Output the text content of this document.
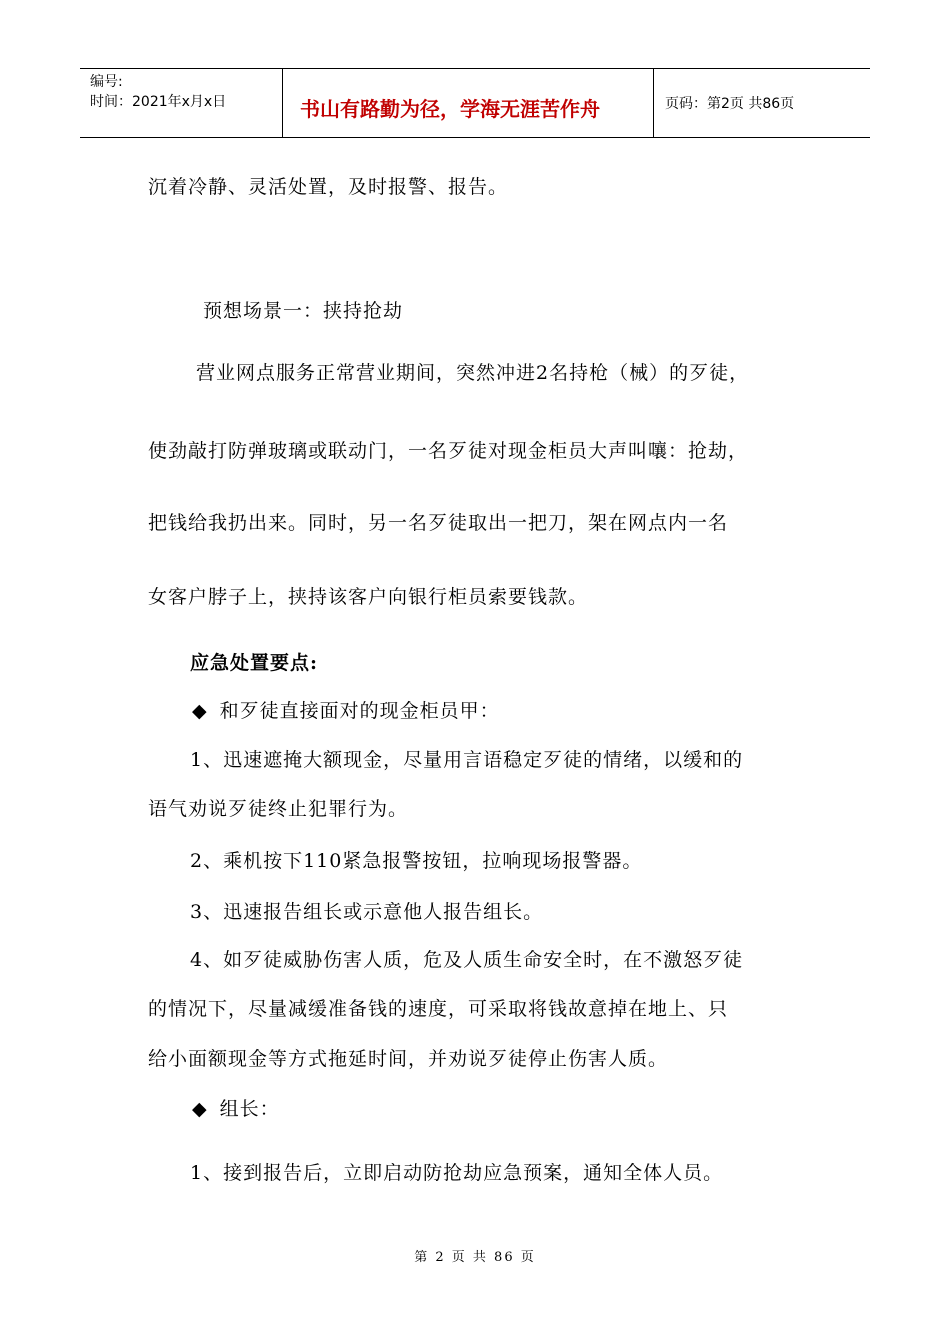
编号:
时间：2021年x月x日	书山有路勤为径，学海无涯苦作舟	页码：第2页 共86页
沉着冷静、灵活处置，及时报警、报告。
预想场景一：挟持抢劫
营业网点服务正常营业期间，突然冲进2名持枪（械）的歹徒，
使劲敲打防弹玻璃或联动门，一名歹徒对现金柜员大声叫嚷：抢劫，
把钱给我扔出来。同时，另一名歹徒取出一把刀，架在网点内一名
女客户脖子上，挟持该客户向银行柜员索要钱款。
应急处置要点:
◆ 和歹徒直接面对的现金柜员甲：
1、迅速遮掩大额现金，尽量用言语稳定歹徒的情绪，以缓和的
语气劝说歹徒终止犯罪行为。
2、乘机按下110紧急报警按钮，拉响现场报警器。
3、迅速报告组长或示意他人报告组长。
4、如歹徒威胁伤害人质，危及人质生命安全时，在不激怒歹徒
的情况下，尽量减缓准备钱的速度，可采取将钱故意掉在地上、只
给小面额现金等方式拖延时间，并劝说歹徒停止伤害人质。
◆ 组长：
1、接到报告后，立即启动防抢劫应急预案，通知全体人员。
第 2 页 共 86 页
